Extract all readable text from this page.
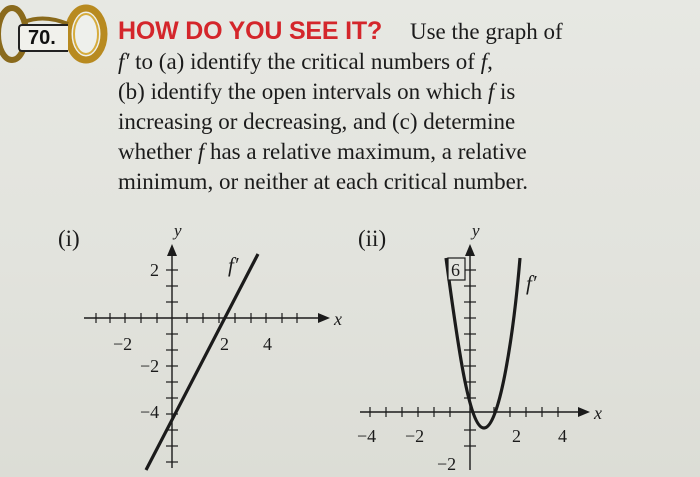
70.	HOW DO YOU SEE IT?	Use the graph of
f′ to (a) identify the critical numbers of f,
(b) identify the open intervals on which f is
increasing or decreasing, and (c) determine
whether f has a relative maximum, a relative
minimum, or neither at each critical number.
(i)	(ii)
y
x
f′
−2	2 4
2
−2
−4
y
x
f′
−4 −2	2 4
6
−2
